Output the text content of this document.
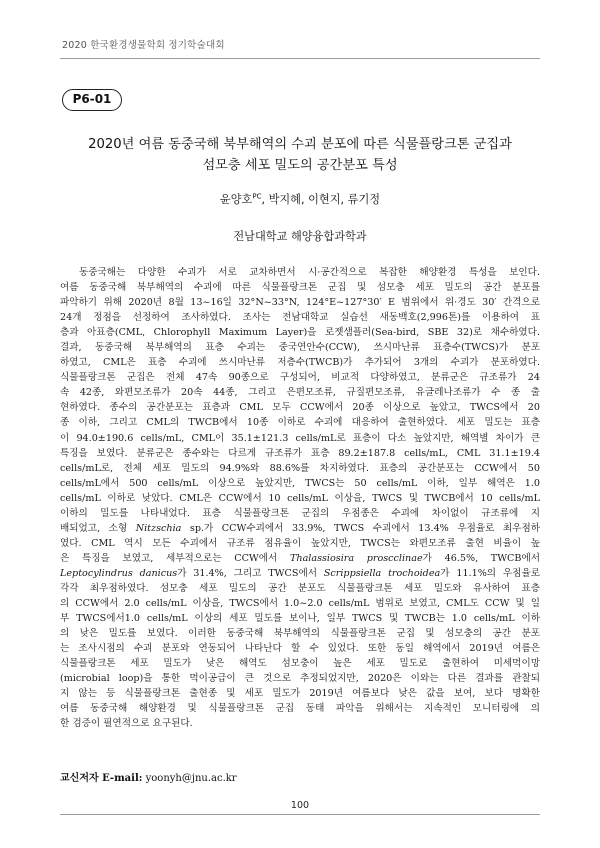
2020 한국환경생물학회 정기학술대회
P6-01
2020년 여름 동중국해 북부해역의 수괴 분포에 따른 식물플랑크톤 군집과
섬모충 세포 밀도의 공간분포 특성
윤양호$^{PC}$, 박지혜, 이현지, 류기정
전남대학교 해양융합과학과
동중국해는 다양한 수괴가 서로 교차하면서 시·공간적으로 복잡한 해양환경 특성을 보인다.
여름 동중국해 북부해역의 수괴에 따른 식물플랑크톤 군집 및 섬모충 세포 밀도의 공간 분포를
파악하기 위해 2020년 8월 13~16일 32°N~33°N, 124°E~127°30′ E 범위에서 위·경도 30′ 간격으로
24개 정점을 선정하여 조사하였다. 조사는 전남대학교 실습선 새동백호(2,996톤)를 이용하여 표
층과 아표층(CML, Chlorophyll Maximum Layer)을 로젯샘플러(Sea-bird, SBE 32)로 채수하였다.
결과, 동중국해 북부해역의 표층 수괴는 중국연안수(CCW), 쓰시마난류 표층수(TWCS)가 분포
하였고, CML은 표층 수괴에 쓰시마난류 저층수(TWCB)가 추가되어 3개의 수괴가 분포하였다.
식물플랑크톤 군집은 전체 47속 90종으로 구성되어, 비교적 다양하였고, 분류군은 규조류가 24
속 42종, 와편모조류가 20속 44종, 그리고 은편모조류, 규질편모조류, 유글레나조류가 수 종 출
현하였다. 종수의 공간분포는 표층과 CML 모두 CCW에서 20종 이상으로 높았고, TWCS에서 20
종 이하, 그리고 CML의 TWCB에서 10종 이하로 수괴에 대응하여 출현하였다. 세포 밀도는 표층
이 94.0±190.6 cells/mL, CML이 35.1±121.3 cells/mL로 표층이 다소 높았지만, 해역별 차이가 큰
특징을 보였다. 분류군은 종수와는 다르게 규조류가 표층 89.2±187.8 cells/mL, CML 31.1±19.4
cells/mL로, 전체 세포 밀도의 94.9%와 88.6%를 차지하였다. 표층의 공간분포는 CCW에서 50
cells/mL에서 500 cells/mL 이상으로 높았지만, TWCS는 50 cells/mL 이하, 일부 해역은 1.0
cells/mL 이하로 낮았다. CML은 CCW에서 10 cells/mL 이상을, TWCS 및 TWCB에서 10 cells/mL
이하의 밀도를 나타내었다. 표층 식물플랑크톤 군집의 우점종은 수괴에 차이없이 규조류에 지
배되었고, 소형 Nitzschia sp.가 CCW수괴에서 33.9%, TWCS 수괴에서 13.4% 우점율로 최우점하
였다. CML 역시 모든 수괴에서 규조류 점유율이 높았지만, TWCS는 와편모조류 출현 비율이 높
은 특징을 보였고, 세부적으로는 CCW에서 Thalassiosira proscclinae가 46.5%, TWCB에서
Leptocylindrus danicus가 31.4%, 그리고 TWCS에서 Scrippsiella trochoidea가 11.1%의 우점율로
각각 최우점하였다. 섬모충 세포 밀도의 공간 분포도 식물플랑크톤 세포 밀도와 유사하여 표층
의 CCW에서 2.0 cells/mL 이상을, TWCS에서 1.0~2.0 cells/mL 범위로 보였고, CML도 CCW 및 일
부 TWCS에서1.0 cells/mL 이상의 세포 밀도를 보이나, 일부 TWCS 및 TWCB는 1.0 cells/mL 이하
의 낮은 밀도를 보였다. 이러한 동중국해 북부해역의 식물플랑크톤 군집 및 섬모충의 공간 분포
는 조사시점의 수괴 분포와 연동되어 나타난다 할 수 있었다. 또한 동일 해역에서 2019년 여름은
식물플랑크톤 세포 밀도가 낮은 해역도 섬모충이 높은 세포 밀도로 출현하여 미세먹이망
(microbial loop)을 통한 먹이공급이 큰 것으로 추정되었지만, 2020은 이와는 다른 결과를 관찰되
지 않는 등 식물플랑크톤 출현종 및 세포 밀도가 2019년 여름보다 낮은 값을 보여, 보다 명확한
여름 동중국해 해양환경 및 식물플랑크톤 군집 동태 파악을 위해서는 지속적인 모니터링에 의
한 검증이 필연적으로 요구된다.
교신저자 E-mail: yoonyh@jnu.ac.kr
100
